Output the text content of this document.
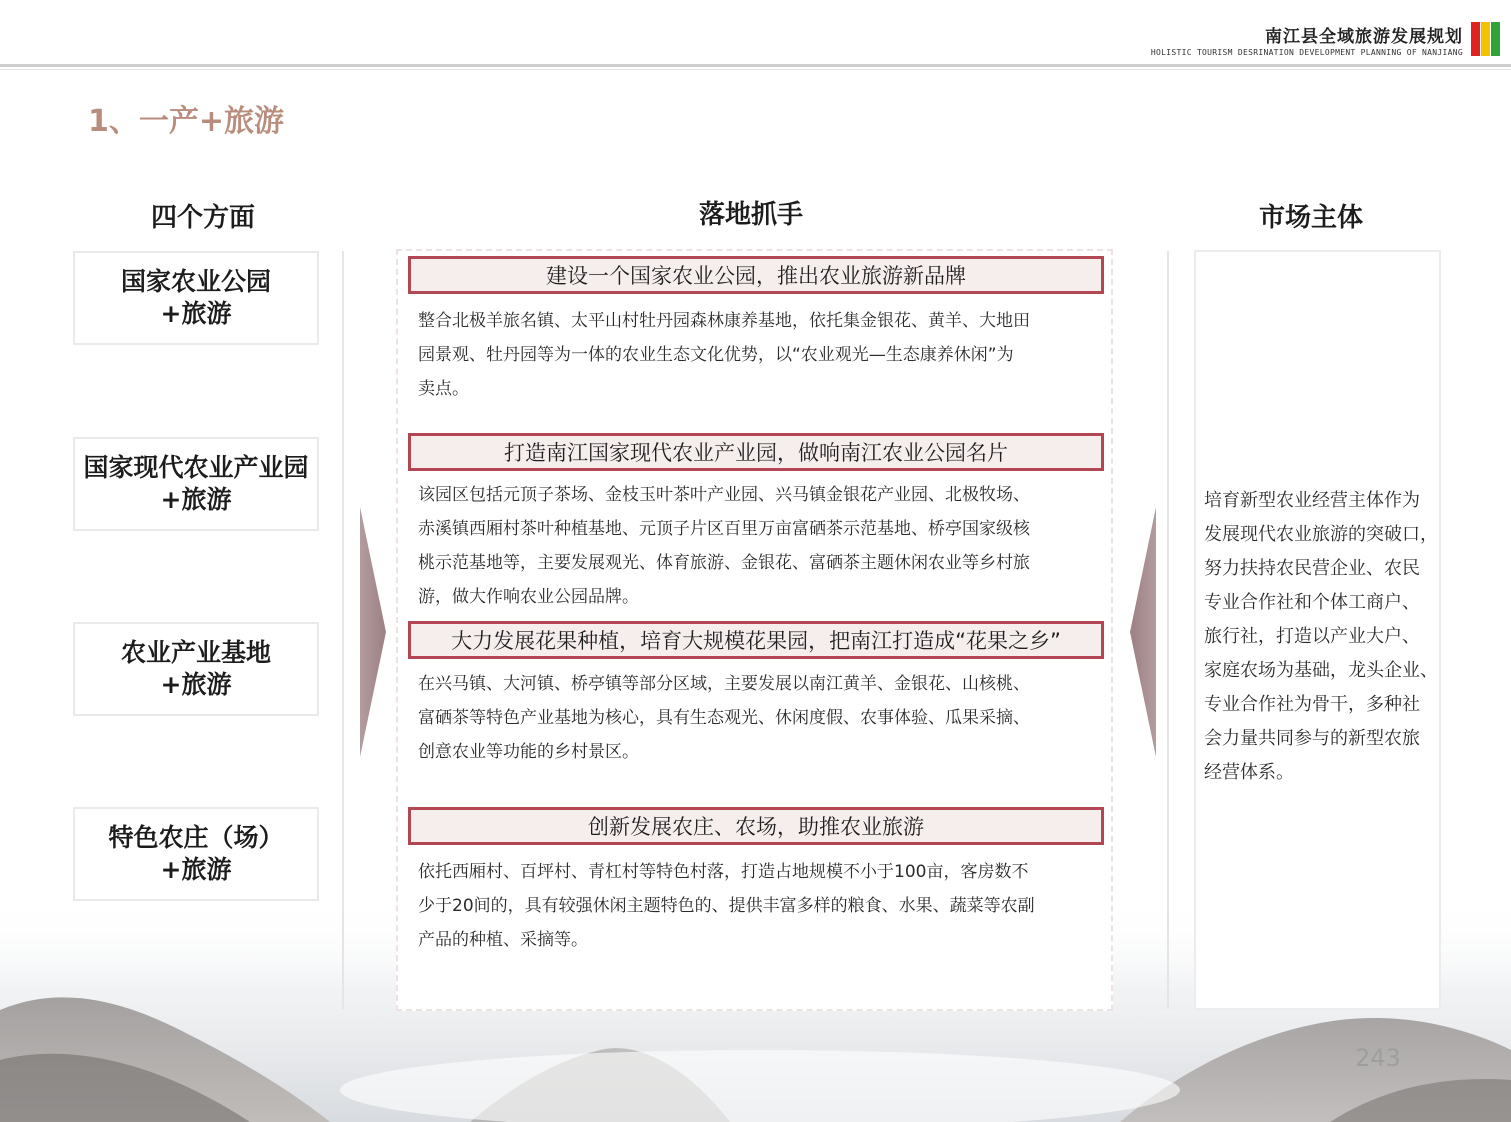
南江县全域旅游发展规划
HOLISTIC TOURISM DESRINATION DEVELOPMENT PLANNING OF NANJIANG
1、一产+旅游
四个方面	落地抓手	市场主体
国家农业公园
+旅游
国家现代农业产业园
+旅游
农业产业基地
+旅游
特色农庄（场）
+旅游
建设一个国家农业公园，推出农业旅游新品牌
整合北极羊旅名镇、太平山村牡丹园森林康养基地，依托集金银花、黄羊、大地田
园景观、牡丹园等为一体的农业生态文化优势，以“农业观光—生态康养休闲”为
卖点。
打造南江国家现代农业产业园，做响南江农业公园名片
该园区包括元顶子茶场、金枝玉叶茶叶产业园、兴马镇金银花产业园、北极牧场、
赤溪镇西厢村茶叶种植基地、元顶子片区百里万亩富硒茶示范基地、桥亭国家级核
桃示范基地等，主要发展观光、体育旅游、金银花、富硒茶主题休闲农业等乡村旅
游，做大作响农业公园品牌。
大力发展花果种植，培育大规模花果园，把南江打造成“花果之乡”
在兴马镇、大河镇、桥亭镇等部分区域，主要发展以南江黄羊、金银花、山核桃、
富硒茶等特色产业基地为核心，具有生态观光、休闲度假、农事体验、瓜果采摘、
创意农业等功能的乡村景区。
创新发展农庄、农场，助推农业旅游
依托西厢村、百坪村、青杠村等特色村落，打造占地规模不小于100亩，客房数不
少于20间的，具有较强休闲主题特色的、提供丰富多样的粮食、水果、蔬菜等农副
产品的种植、采摘等。
培育新型农业经营主体作为
发展现代农业旅游的突破口，
努力扶持农民营企业、农民
专业合作社和个体工商户、
旅行社，打造以产业大户、
家庭农场为基础，龙头企业、
专业合作社为骨干，多种社
会力量共同参与的新型农旅
经营体系。
243
